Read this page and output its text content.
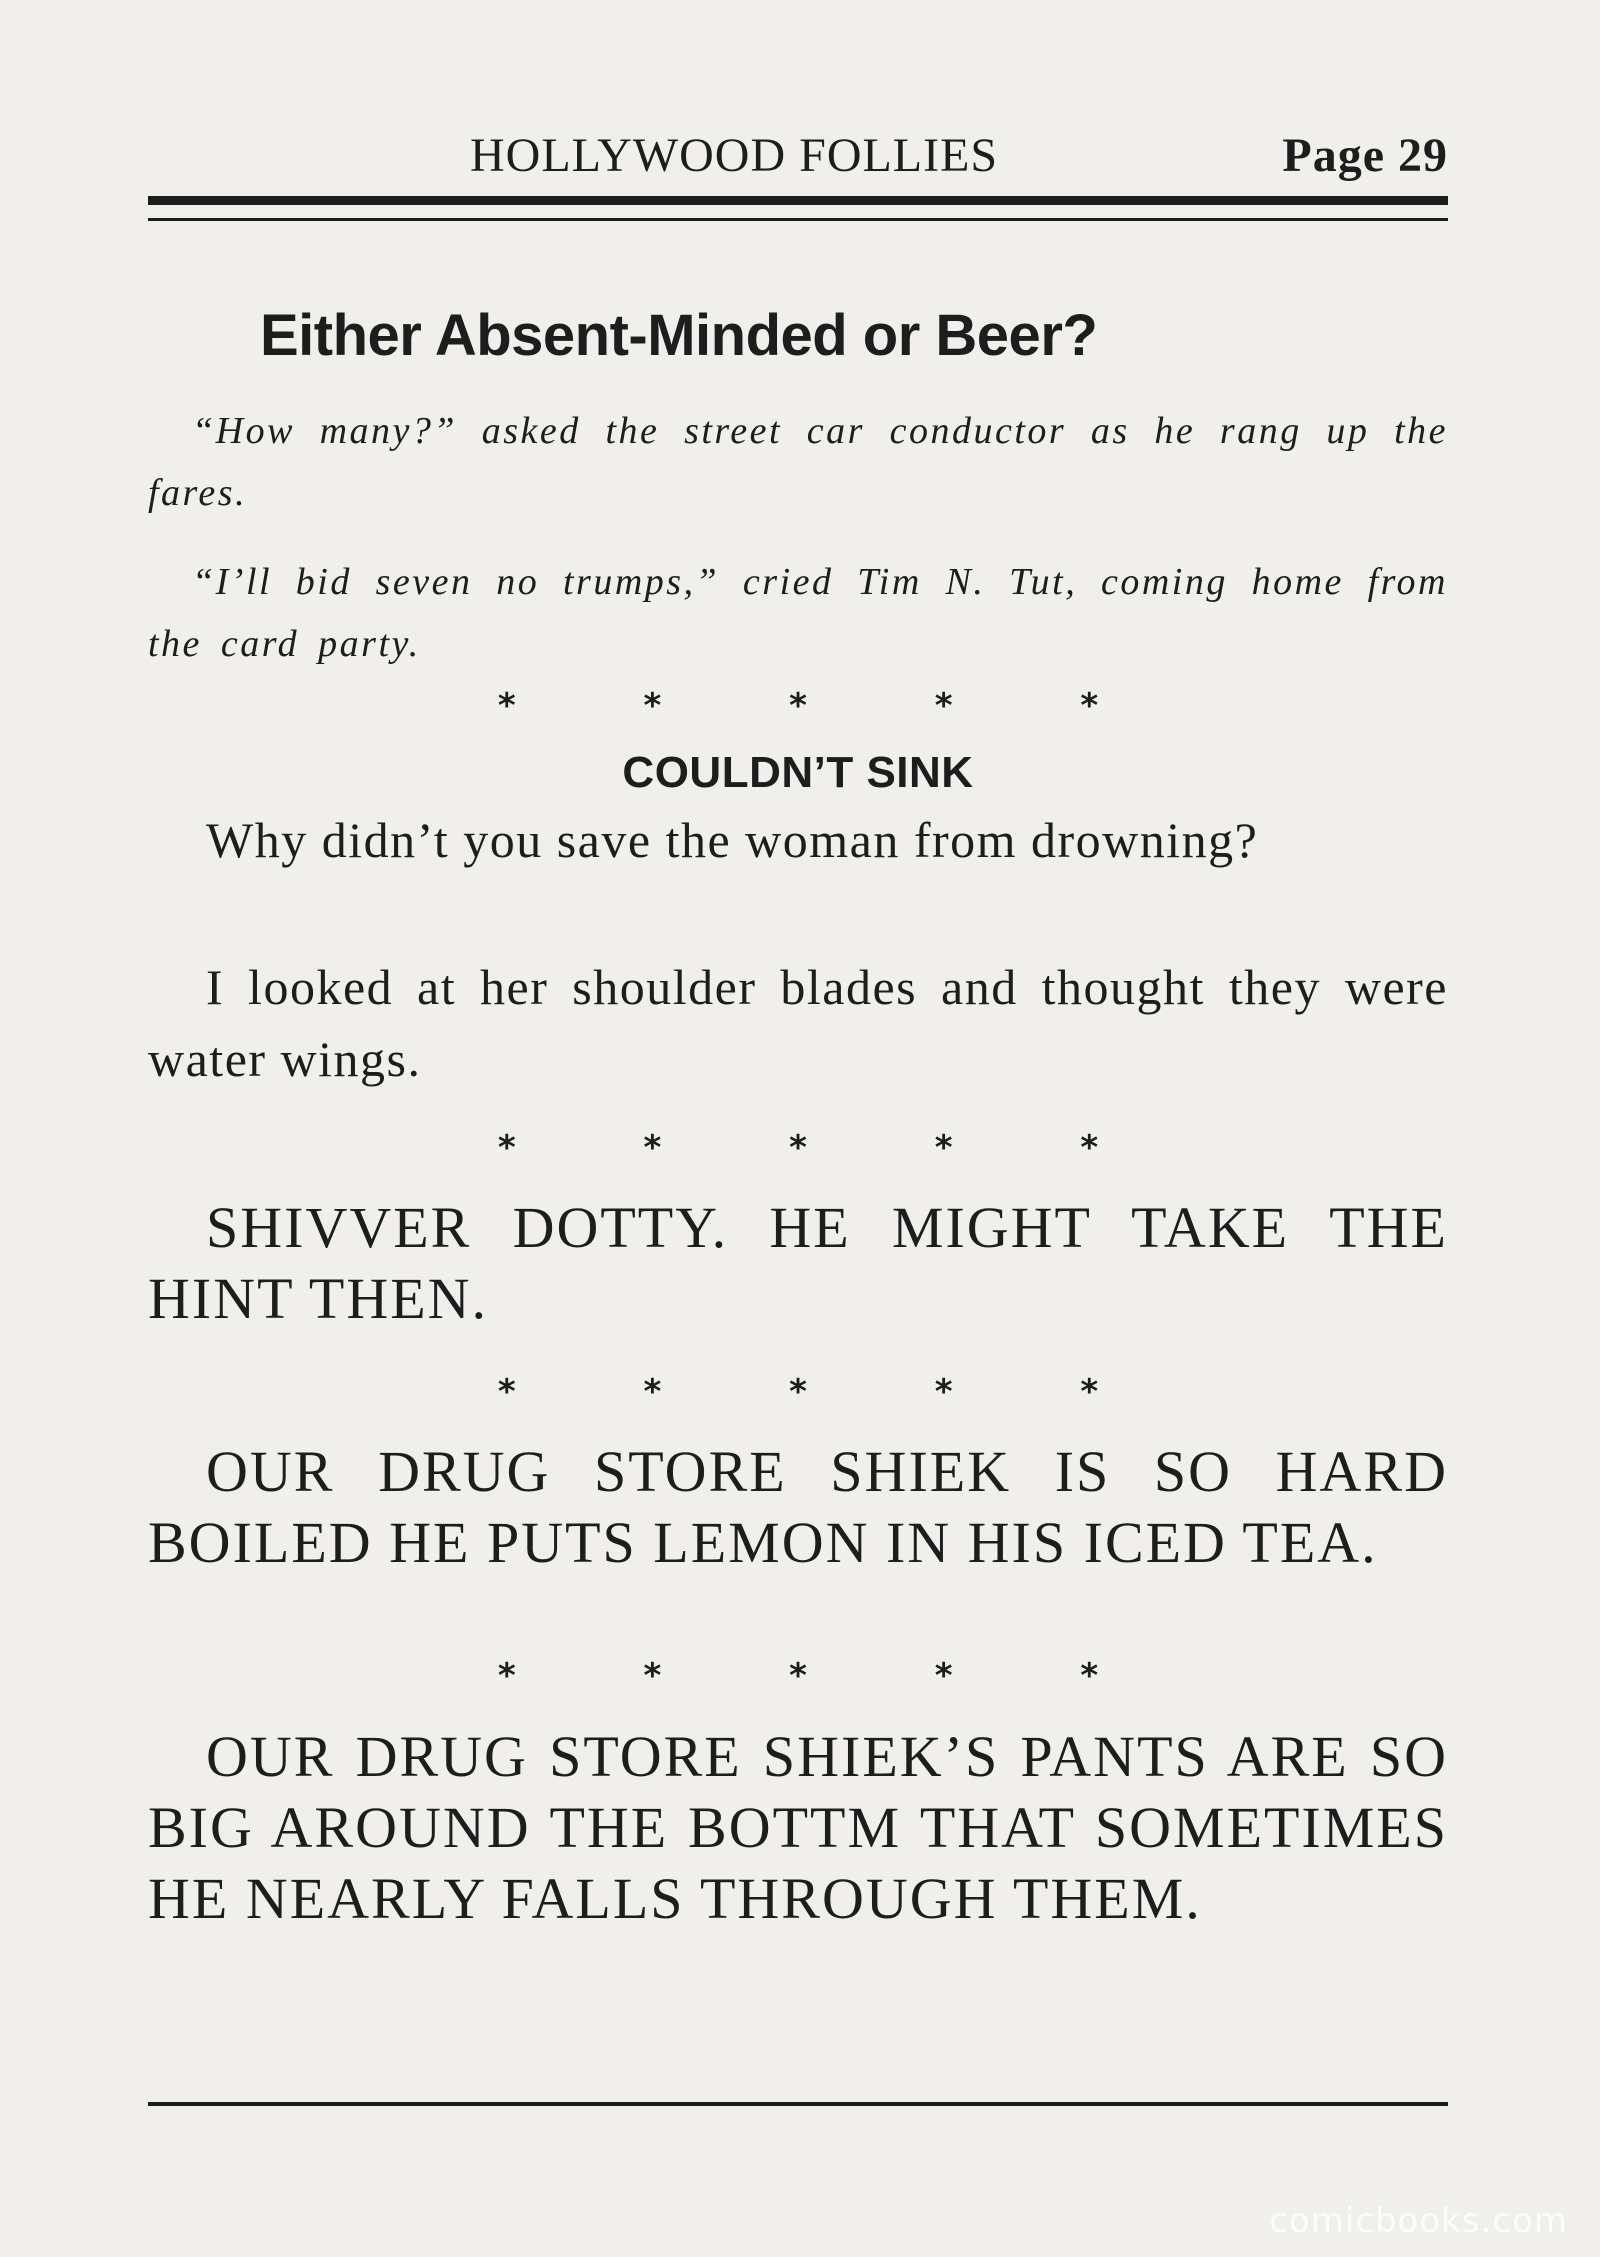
HOLLYWOOD FOLLIES	Page 29
Either Absent-Minded or Beer?

“How many?” asked the street car conductor as he rang up the fares.

“I’ll bid seven no trumps,” cried Tim N. Tut, coming home from the card party.

* * * * *
COULDN’T SINK

Why didn’t you save the woman from drowning?

I looked at her shoulder blades and thought they were water wings.

* * * * *

SHIVVER DOTTY. HE MIGHT TAKE THE HINT THEN.

* * * * *

OUR DRUG STORE SHIEK IS SO HARD BOILED HE PUTS LEMON IN HIS ICED TEA.

* * * * *

OUR DRUG STORE SHIEK’S PANTS ARE SO BIG AROUND THE BOTTM THAT SOMETIMES HE NEARLY FALLS THROUGH THEM.

comicbooks.com
